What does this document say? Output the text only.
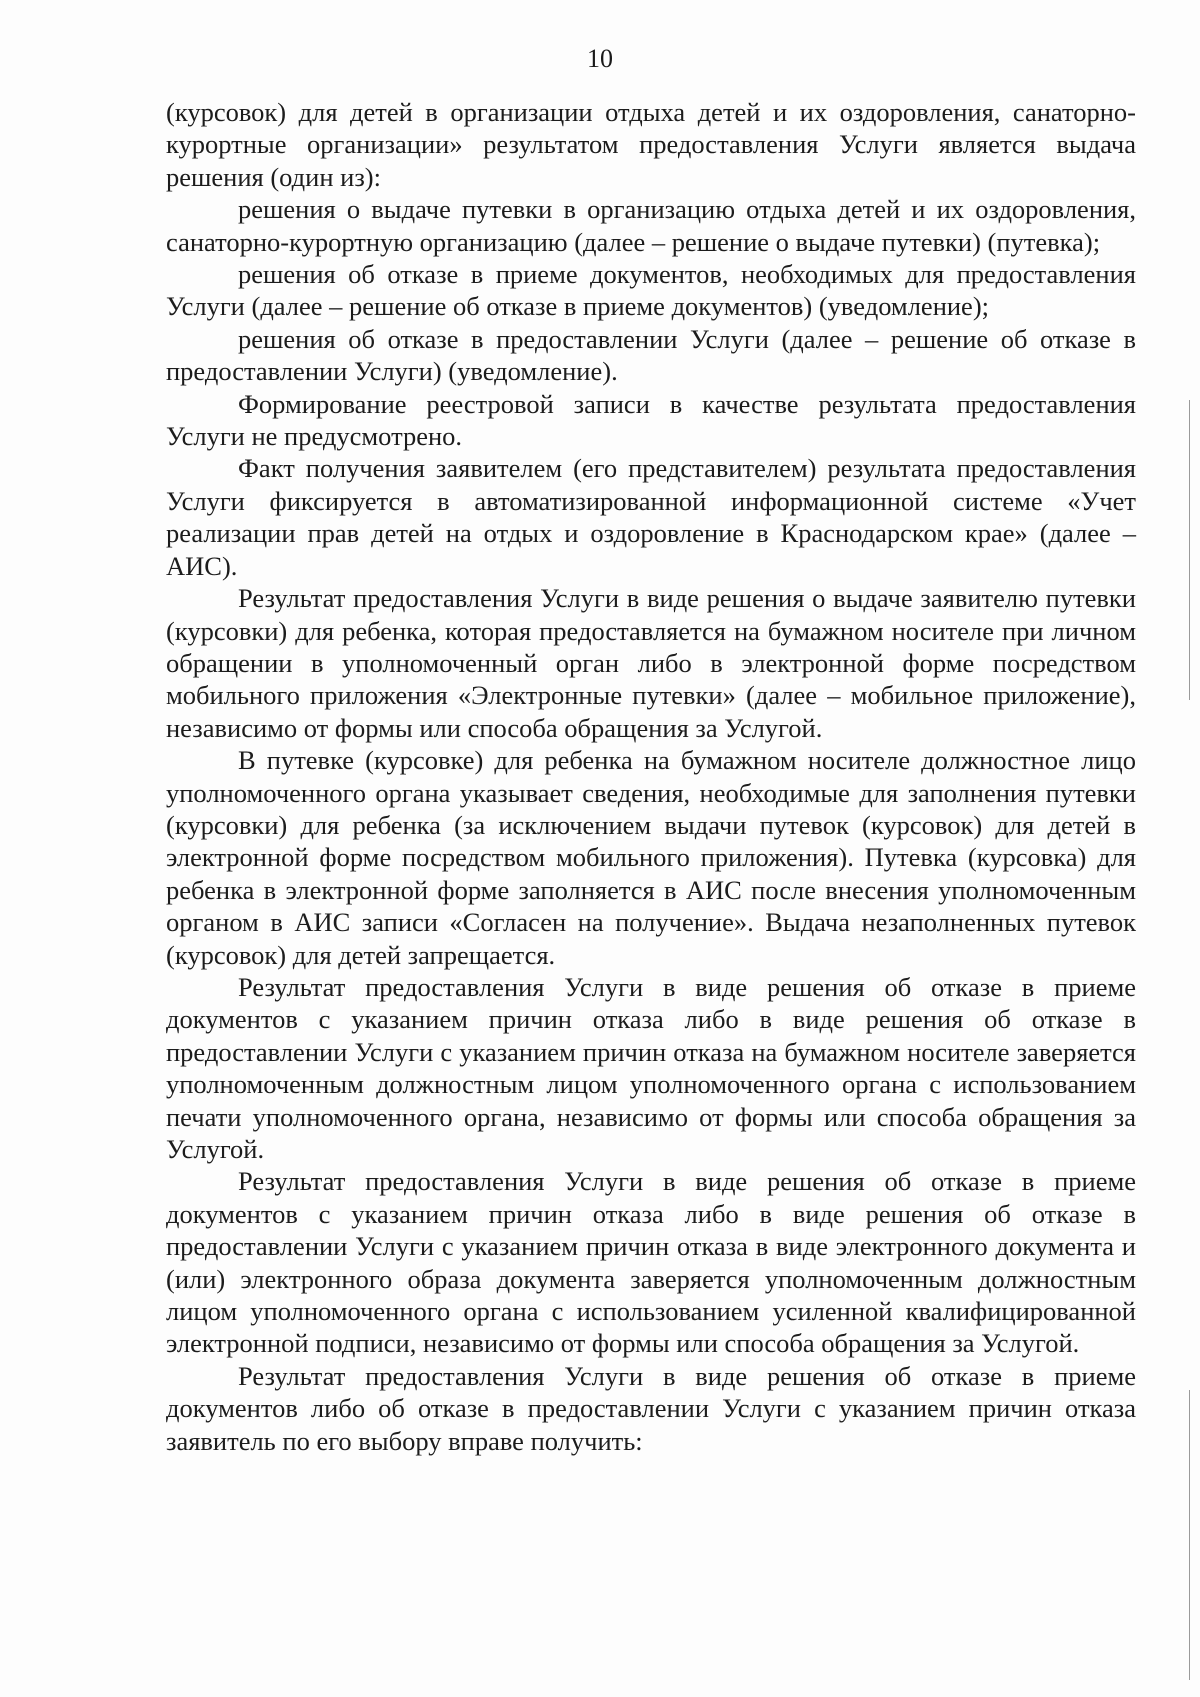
10

(курсовок) для детей в организации отдыха детей и их оздоровления, санаторно-курортные организации» результатом предоставления Услуги является выдача решения (один из):

решения о выдаче путевки в организацию отдыха детей и их оздоровления, санаторно-курортную организацию (далее – решение о выдаче путевки) (путевка);

решения об отказе в приеме документов, необходимых для предоставления Услуги (далее – решение об отказе в приеме документов) (уведомление);

решения об отказе в предоставлении Услуги (далее – решение об отказе в предоставлении Услуги) (уведомление).

Формирование реестровой записи в качестве результата предоставления Услуги не предусмотрено.

Факт получения заявителем (его представителем) результата предоставления Услуги фиксируется в автоматизированной информационной системе «Учет реализации прав детей на отдых и оздоровление в Краснодарском крае» (далее – АИС).

Результат предоставления Услуги в виде решения о выдаче заявителю путевки (курсовки) для ребенка, которая предоставляется на бумажном носителе при личном обращении в уполномоченный орган либо в электронной форме посредством мобильного приложения «Электронные путевки» (далее – мобильное приложение), независимо от формы или способа обращения за Услугой.

В путевке (курсовке) для ребенка на бумажном носителе должностное лицо уполномоченного органа указывает сведения, необходимые для заполнения путевки (курсовки) для ребенка (за исключением выдачи путевок (курсовок) для детей в электронной форме посредством мобильного приложения). Путевка (курсовка) для ребенка в электронной форме заполняется в АИС после внесения уполномоченным органом в АИС записи «Согласен на получение». Выдача незаполненных путевок (курсовок) для детей запрещается.

Результат предоставления Услуги в виде решения об отказе в приеме документов с указанием причин отказа либо в виде решения об отказе в предоставлении Услуги с указанием причин отказа на бумажном носителе заверяется уполномоченным должностным лицом уполномоченного органа с использованием печати уполномоченного органа, независимо от формы или способа обращения за Услугой.

Результат предоставления Услуги в виде решения об отказе в приеме документов с указанием причин отказа либо в виде решения об отказе в предоставлении Услуги с указанием причин отказа в виде электронного документа и (или) электронного образа документа заверяется уполномоченным должностным лицом уполномоченного органа с использованием усиленной квалифицированной электронной подписи, независимо от формы или способа обращения за Услугой.

Результат предоставления Услуги в виде решения об отказе в приеме документов либо об отказе в предоставлении Услуги с указанием причин отказа заявитель по его выбору вправе получить:
